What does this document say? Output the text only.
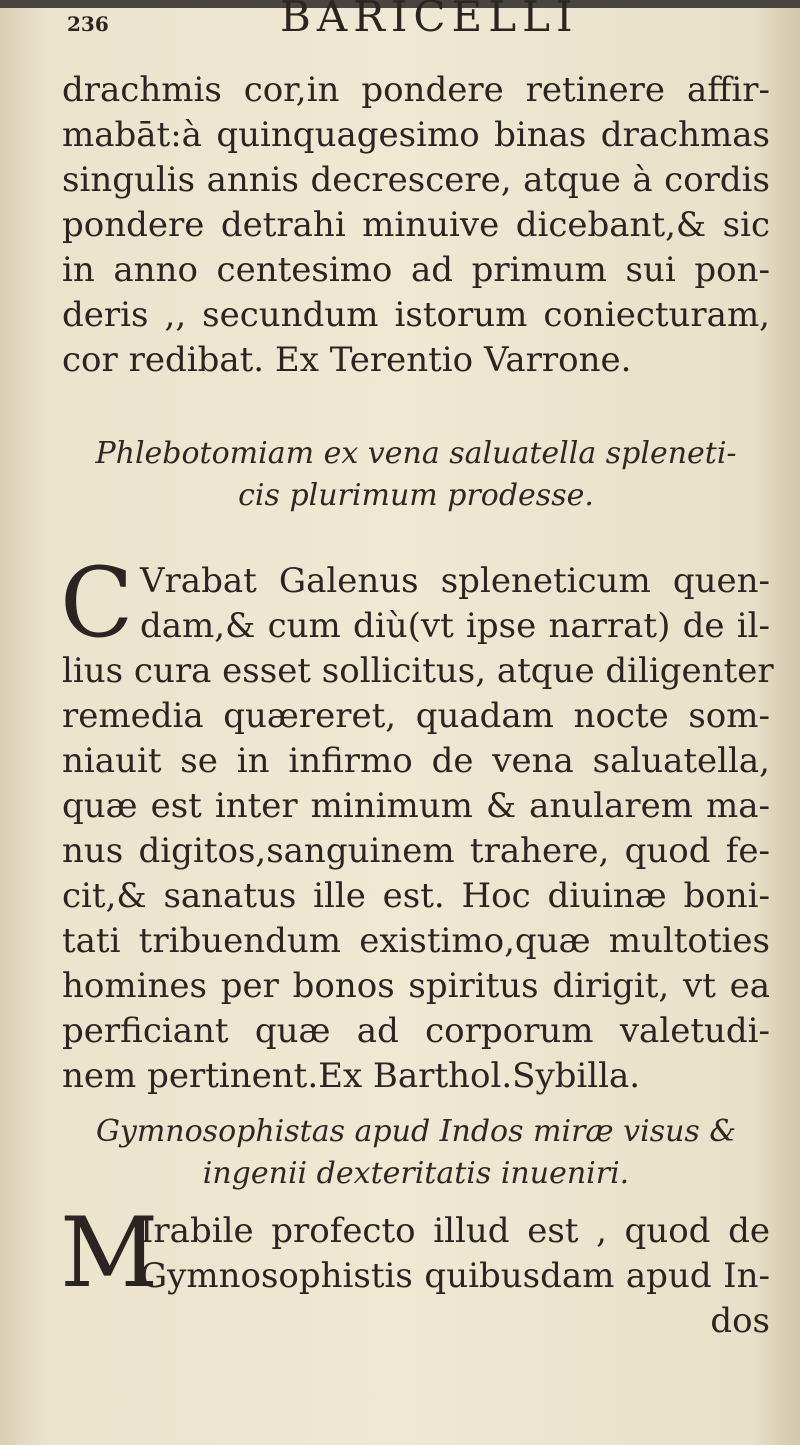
236	BARICELLI
drachmis cor,in pondere retinere affir-
mabāt:à quinquagesimo binas drachmas
singulis annis decrescere, atque à cordis
pondere detrahi minuive dicebant,& sic
in anno centesimo ad primum sui pon-
deris ,, secundum istorum coniecturam,
cor redibat. Ex Terentio Varrone.
Phlebotomiam ex vena saluatella spleneti-
cis plurimum prodesse.
C Vrabat Galenus spleneticum quen-
dam,& cum diù(vt ipse narrat) de il-
lius cura esset sollicitus, atque diligenter
remedia quæreret, quadam nocte som-
niauit se in infirmo de vena saluatella,
quæ est inter minimum & anularem ma-
nus digitos,sanguinem trahere, quod fe-
cit,& sanatus ille est. Hoc diuinæ boni-
tati tribuendum existimo,quæ multoties
homines per bonos spiritus dirigit, vt ea
perficiant quæ ad corporum valetudi-
nem pertinent.Ex Barthol.Sybilla.
Gymnosophistas apud Indos miræ visus &
ingenii dexteritatis inueniri.
M
Irabile profecto illud est , quod de
Gymnosophistis quibusdam apud In-
dos
